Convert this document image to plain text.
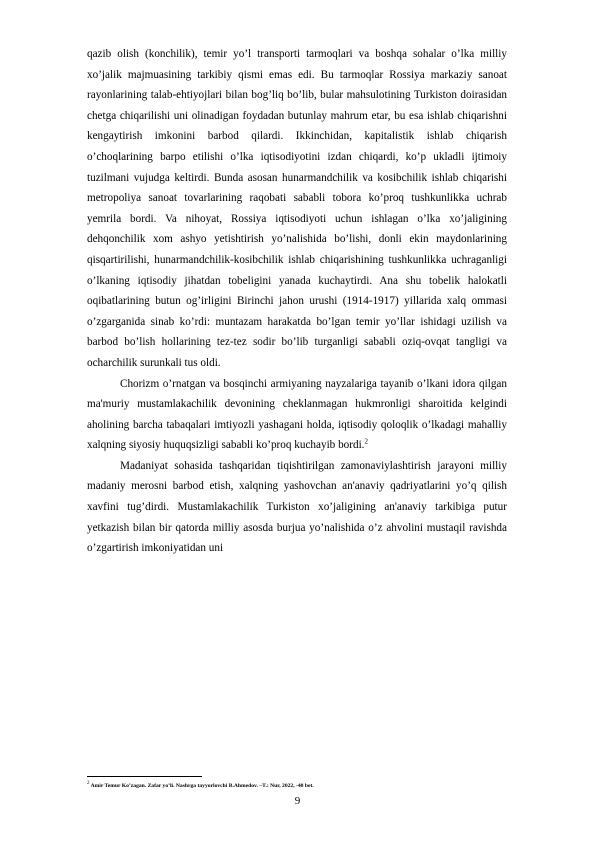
qazib olish (konchilik), temir yo’l transporti tarmoqlari va boshqa sohalar o’lka milliy xo’jalik majmuasining tarkibiy qismi emas edi. Bu tarmoqlar Rossiya markaziy sanoat rayonlarining talab-ehtiyojlari bilan bog’liq bo’lib, bular mahsulotining Turkiston doirasidan chetga chiqarilishi uni olinadigan foydadan butunlay mahrum etar, bu esa ishlab chiqarishni kengaytirish imkonini barbod qilardi. Ikkinchidan, kapitalistik ishlab chiqarish o’choqlarining barpo etilishi o’lka iqtisodiyotini izdan chiqardi, ko’p ukladli ijtimoiy tuzilmani vujudga keltirdi. Bunda asosan hunarmandchilik va kosibchilik ishlab chiqarishi metropoliya sanoat tovarlarining raqobati sababli tobora ko’proq tushkunlikka uchrab yemrila bordi. Va nihoyat, Rossiya iqtisodiyoti uchun ishlagan o’lka xo’jaligining dehqonchilik xom ashyo yetishtirish yo’nalishida bo’lishi, donli ekin maydonlarining qisqartirilishi, hunarmandchilik-kosibchilik ishlab chiqarishining tushkunlikka uchraganligi o’lkaning iqtisodiy jihatdan tobeligini yanada kuchaytirdi. Ana shu tobelik halokatli oqibatlarining butun og’irligini Birinchi jahon urushi (1914-1917) yillarida xalq ommasi o’zgarganida sinab ko’rdi: muntazam harakatda bo’lgan temir yo’llar ishidagi uzilish va barbod bo’lish hollarining tez-tez sodir bo’lib turganligi sababli oziq-ovqat tangligi va ocharchilik surunkali tus oldi.

Chorizm o’rnatgan va bosqinchi armiyaning nayzalariga tayanib o’lkani idora qilgan ma'muriy mustamlakachilik devonining cheklanmagan hukmronligi sharoitida kelgindi aholining barcha tabaqalari imtiyozli yashagani holda, iqtisodiy qoloqlik o’lkadagi mahalliy xalqning siyosiy huquqsizligi sababli ko’proq kuchayib bordi.$^2$

Madaniyat sohasida tashqaridan tiqishtirilgan zamonaviylashtirish jarayoni milliy madaniy merosni barbod etish, xalqning yashovchan an'anaviy qadriyatlarini yo’q qilish xavfini tug’dirdi. Mustamlakachilik Turkiston xo’jaligining an'anaviy tarkibiga putur yetkazish bilan bir qatorda milliy asosda burjua yo’nalishida o’z ahvolini mustaqil ravishda o’zgartirish imkoniyatidan uni

2 Amir Temur Ko’zagan. Zafar yo’li. Nashrga tayyorlovchi B.Ahmedov. –T.: Nur, 2022, -40 bet.
9
